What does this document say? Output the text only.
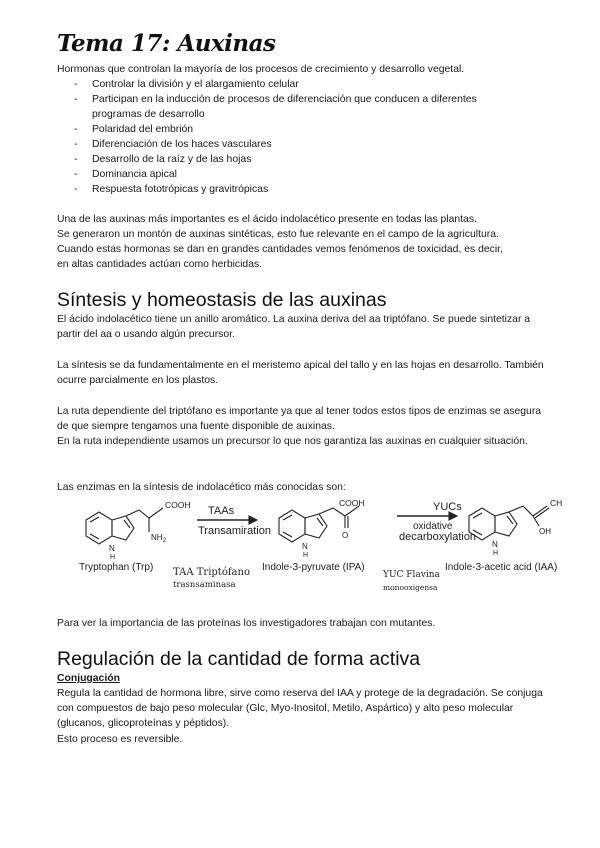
Tema 17: Auxinas

Hormonas que controlan la mayoría de los procesos de crecimiento y desarrollo vegetal.

- Controlar la división y el alargamiento celular
- Participan en la inducción de procesos de diferenciación que conducen a diferentes programas de desarrollo
- Polaridad del embrión
- Diferenciación de los haces vasculares
- Desarrollo de la raíz y de las hojas
- Dominancia apical
- Respuesta fototrópicas y gravitrópicas

Una de las auxinas más importantes es el ácido indolacético presente en todas las plantas.

Se generaron un montón de auxinas sintéticas, esto fue relevante en el campo de la agricultura.

Cuando estas hormonas se dan en grandes cantidades vemos fenómenos de toxicidad, es decir,

en altas cantidades actúan como herbicidas.

Síntesis y homeostasis de las auxinas

El ácido indolacético tiene un anillo aromático. La auxina deriva del aa triptófano. Se puede sintetizar a partir del aa o usando algún precursor.

La síntesis se da fundamentalmente en el meristemo apical del tallo y en las hojas en desarrollo. También ocurre parcialmente en los plastos.

La ruta dependiente del triptófano es importante ya que al tener todos estos tipos de enzimas se asegura de que siempre tengamos una fuente disponible de auxinas.

En la ruta independiente usamos un precursor lo que nos garantiza las auxinas en cualquier situación.

Las enzimas en la síntesis de indolacético más conocidas son:

COOH
$NH_2$
N
H
TAAs
Transamiration
COOH
O
N
H
YUCs
oxidative
decarboxylation
CH
OH
N
H
Tryptophan (Trp)	Indole-3-pyruvate (IPA)	Indole-3-acetic acid (IAA)
TAA Triptófano
trasnsaminasa
YUC Flavina
monooxigensa

Para ver la importancia de las proteínas los investigadores trabajan con mutantes.

Regulación de la cantidad de forma activa

Conjugación

Regula la cantidad de hormona libre, sirve como reserva del IAA y protege de la degradación. Se conjuga con compuestos de bajo peso molecular (Glc, Myo-Inositol, Metilo, Aspártico) y alto peso molecular (glucanos, glicoproteínas y péptidos).

Esto proceso es reversible.
